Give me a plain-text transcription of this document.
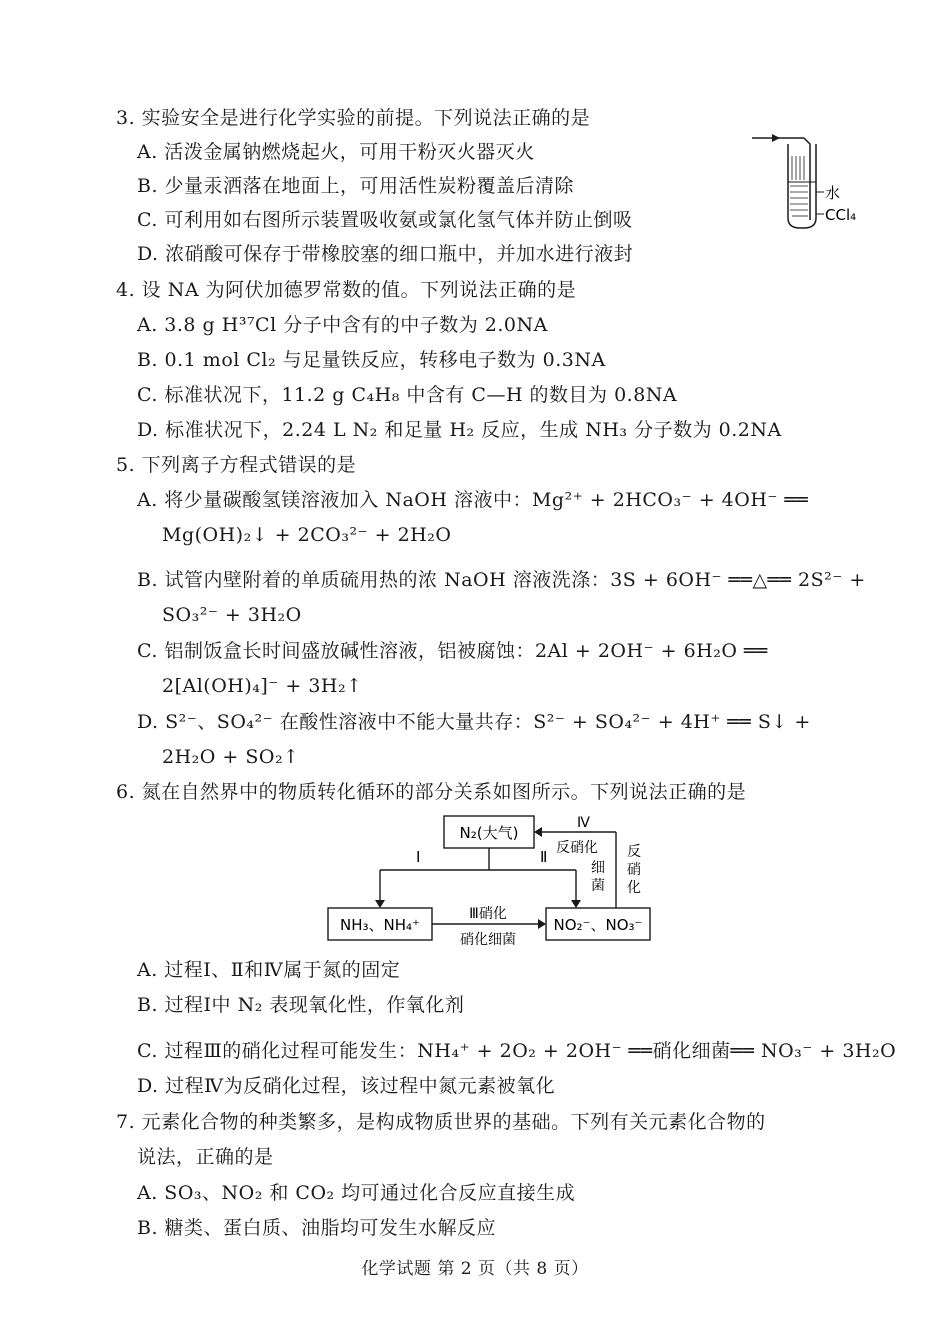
3. 实验安全是进行化学实验的前提。下列说法正确的是
A. 活泼金属钠燃烧起火，可用干粉灭火器灭火
B. 少量汞洒落在地面上，可用活性炭粉覆盖后清除
C. 可利用如右图所示装置吸收氨或氯化氢气体并防止倒吸
D. 浓硝酸可保存于带橡胶塞的细口瓶中，并加水进行液封
水
CCl₄
4. 设 NA 为阿伏加德罗常数的值。下列说法正确的是
A. 3.8 g H³⁷Cl 分子中含有的中子数为 2.0NA
B. 0.1 mol Cl₂ 与足量铁反应，转移电子数为 0.3NA
C. 标准状况下，11.2 g C₄H₈ 中含有 C—H 的数目为 0.8NA
D. 标准状况下，2.24 L N₂ 和足量 H₂ 反应，生成 NH₃ 分子数为 0.2NA
5. 下列离子方程式错误的是
A. 将少量碳酸氢镁溶液加入 NaOH 溶液中：Mg²⁺ + 2HCO₃⁻ + 4OH⁻ ══
Mg(OH)₂↓ + 2CO₃²⁻ + 2H₂O
B. 试管内壁附着的单质硫用热的浓 NaOH 溶液洗涤：3S + 6OH⁻ ══△══ 2S²⁻ +
SO₃²⁻ + 3H₂O
C. 铝制饭盒长时间盛放碱性溶液，铝被腐蚀：2Al + 2OH⁻ + 6H₂O ══
2[Al(OH)₄]⁻ + 3H₂↑
D. S²⁻、SO₄²⁻ 在酸性溶液中不能大量共存：S²⁻ + SO₄²⁻ + 4H⁺ ══ S↓ +
2H₂O + SO₂↑
6. 氮在自然界中的物质转化循环的部分关系如图所示。下列说法正确的是
N₂(大气)
NH₃、NH₄⁺	NO₂⁻、NO₃⁻
Ⅰ	Ⅱ
Ⅲ硝化
硝化细菌
Ⅳ
反硝化
细
菌
反
硝
化
A. 过程Ⅰ、Ⅱ和Ⅳ属于氮的固定
B. 过程Ⅰ中 N₂ 表现氧化性，作氧化剂
C. 过程Ⅲ的硝化过程可能发生：NH₄⁺ + 2O₂ + 2OH⁻ ══硝化细菌══ NO₃⁻ + 3H₂O
D. 过程Ⅳ为反硝化过程，该过程中氮元素被氧化
7. 元素化合物的种类繁多，是构成物质世界的基础。下列有关元素化合物的
说法，正确的是
A. SO₃、NO₂ 和 CO₂ 均可通过化合反应直接生成
B. 糖类、蛋白质、油脂均可发生水解反应
化学试题 第 2 页（共 8 页）
